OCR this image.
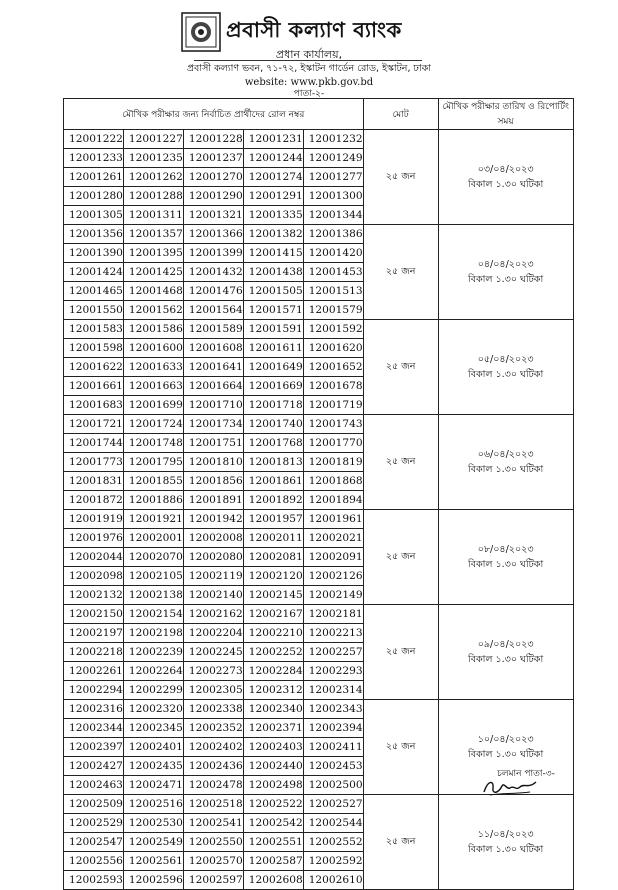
প্রবাসী কল্যাণ ব্যাংক
প্রধান কার্যালয়,
প্রবাসী কল্যাণ ভবন, ৭১-৭২, ইস্কাটন গার্ডেন রোড, ইস্কাটন, ঢাকা
website: www.pkb.gov.bd
পাতা-২-
মৌখিক পরীক্ষার জন্য নির্বাচিত প্রার্থীদের রোল নম্বর					মোট	মৌখিক পরীক্ষার তারিখ ও রিপোর্টিং সময়
12001222	12001227	12001228	12001231	12001232	২৫ জন	০৩/০৪/২০২৩
বিকাল ১.৩০ ঘটিকা

12001233	12001235	12001237	12001244	12001249		
12001261	12001262	12001270	12001274	12001277		
12001280	12001288	12001290	12001291	12001300		
12001305	12001311	12001321	12001335	12001344		
12001356	12001357	12001366	12001382	12001386	২৫ জন	০৪/০৪/২০২৩
বিকাল ১.৩০ ঘটিকা

12001390	12001395	12001399	12001415	12001420		
12001424	12001425	12001432	12001438	12001453		
12001465	12001468	12001476	12001505	12001513		
12001550	12001562	12001564	12001571	12001579		
12001583	12001586	12001589	12001591	12001592	২৫ জন	০৫/০৪/২০২৩
বিকাল ১.৩০ ঘটিকা

12001598	12001600	12001608	12001611	12001620		
12001622	12001633	12001641	12001649	12001652		
12001661	12001663	12001664	12001669	12001678		
12001683	12001699	12001710	12001718	12001719		
12001721	12001724	12001734	12001740	12001743	২৫ জন	০৬/০৪/২০২৩
বিকাল ১.৩০ ঘটিকা

12001744	12001748	12001751	12001768	12001770		
12001773	12001795	12001810	12001813	12001819		
12001831	12001855	12001856	12001861	12001868		
12001872	12001886	12001891	12001892	12001894		
12001919	12001921	12001942	12001957	12001961	২৫ জন	০৮/০৪/২০২৩
বিকাল ১.৩০ ঘটিকা

12001976	12002001	12002008	12002011	12002021		
12002044	12002070	12002080	12002081	12002091		
12002098	12002105	12002119	12002120	12002126		
12002132	12002138	12002140	12002145	12002149		
12002150	12002154	12002162	12002167	12002181	২৫ জন	০৯/০৪/২০২৩
বিকাল ১.৩০ ঘটিকা

12002197	12002198	12002204	12002210	12002213		
12002218	12002239	12002245	12002252	12002257		
12002261	12002264	12002273	12002284	12002293		
12002294	12002299	12002305	12002312	12002314		
12002316	12002320	12002338	12002340	12002343	২৫ জন	১০/০৪/২০২৩
বিকাল ১.৩০ ঘটিকা

12002344	12002345	12002352	12002371	12002394		
12002397	12002401	12002402	12002403	12002411		
12002427	12002435	12002436	12002440	12002453		
12002463	12002471	12002478	12002498	12002500		
12002509	12002516	12002518	12002522	12002527	২৫ জন	১১/০৪/২০২৩
বিকাল ১.৩০ ঘটিকা

12002529	12002530	12002541	12002542	12002544		
12002547	12002549	12002550	12002551	12002552		
12002556	12002561	12002570	12002587	12002592		
12002593	12002596	12002597	12002608	12002610		
চলমান পাতা-৩-
